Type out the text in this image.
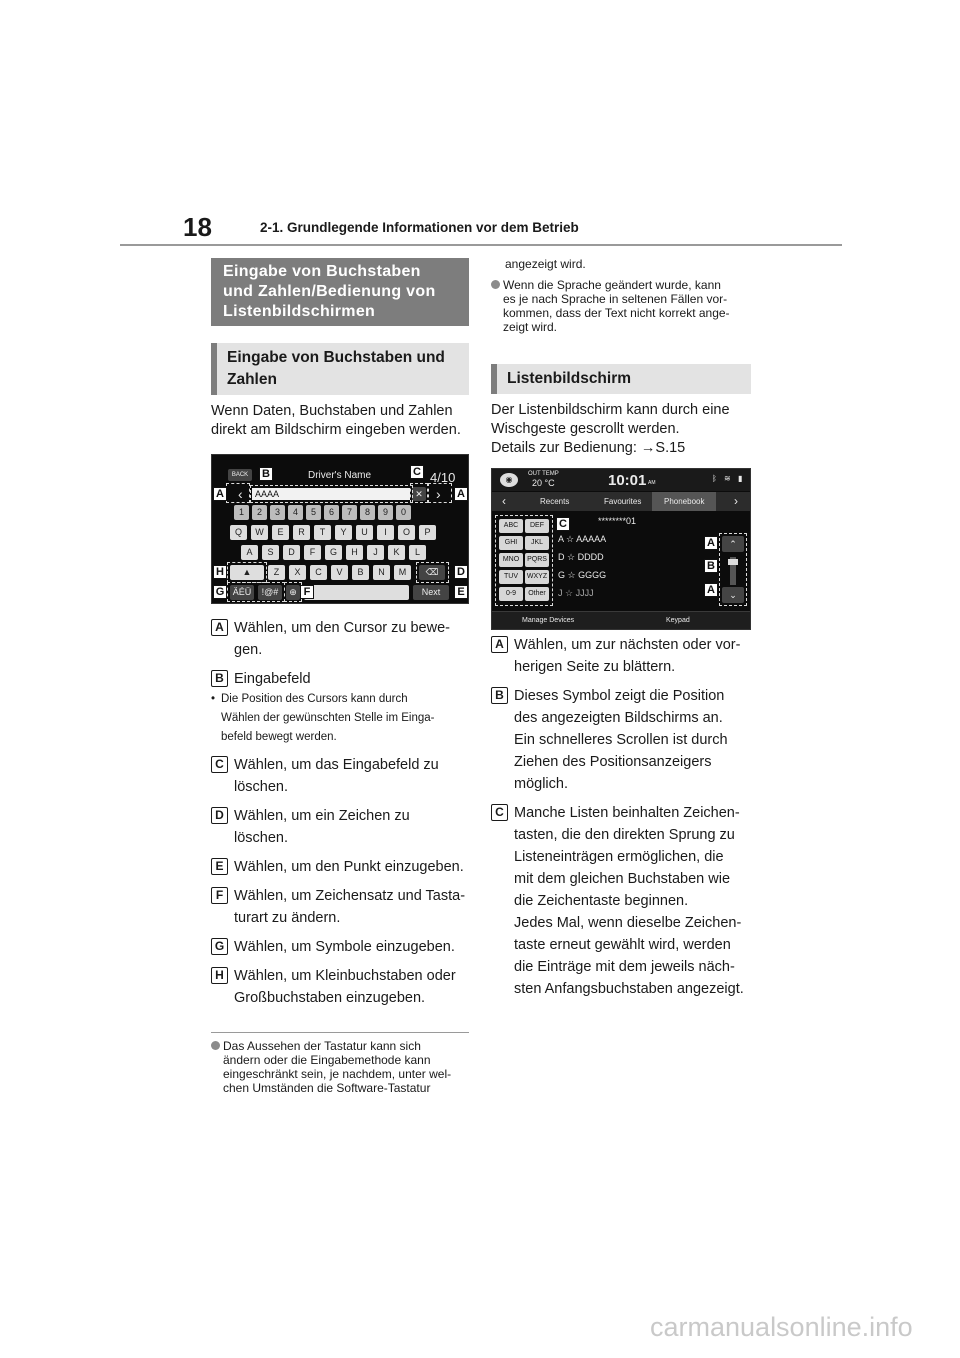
18	2-1. Grundlegende Informationen vor dem Betrieb
Eingabe von Buchstaben
und Zahlen/Bedienung von
Listenbildschirmen
Eingabe von Buchstaben und
Zahlen
Wenn Daten, Buchstaben und Zahlen
direkt am Bildschirm eingeben werden.
BACK	Driver's Name	4/10
‹ AAAA	✕ ›
1	2	3	4	5	6	7	8	9	0
Q	W	E	R	T	Y	U	I	O	P
A	S	D	F	G	H	J	K	L
▲	Z	X	C	V	B	N	M	⌫
ÄÉÜ	!@#	⊕	Next
B	C
A	A
H	D
G	F	E
A Wählen, um den Cursor zu bewe-
gen.
B Eingabefeld
• Die Position des Cursors kann durch
Wählen der gewünschten Stelle im Einga-
befeld bewegt werden.
C Wählen, um das Eingabefeld zu
löschen.
D Wählen, um ein Zeichen zu
löschen.
E Wählen, um den Punkt einzugeben.
F Wählen, um Zeichensatz und Tasta-
turart zu ändern.
G Wählen, um Symbole einzugeben.
H Wählen, um Kleinbuchstaben oder
Großbuchstaben einzugeben.
Das Aussehen der Tastatur kann sich
ändern oder die Eingabemethode kann
eingeschränkt sein, je nachdem, unter wel-
chen Umständen die Software-Tastatur
angezeigt wird.
Wenn die Sprache geändert wurde, kann
es je nach Sprache in seltenen Fällen vor-
kommen, dass der Text nicht korrekt ange-
zeigt wird.
Listenbildschirm
Der Listenbildschirm kann durch eine
Wischgeste gescrollt werden.
Details zur Bedienung: →S.15
◉
OUT TEMP
20 °C	10:01 AM	≋
ᛒ	▮
‹	Recents	Favourites	Phonebook ›
ABC	DEF
GHI	JKL
MNO	PQRS
TUV	WXYZ
0-9	Other
********01
A ☆ AAAAA
D ☆ DDDD
G ☆ GGGG
J ☆ JJJJ
⌃
⌄
Manage Devices	Keypad
C
A
B
A
A Wählen, um zur nächsten oder vor-
herigen Seite zu blättern.
B Dieses Symbol zeigt die Position
des angezeigten Bildschirms an.
Ein schnelleres Scrollen ist durch
Ziehen des Positionsanzeigers
möglich.
C Manche Listen beinhalten Zeichen-
tasten, die den direkten Sprung zu
Listeneinträgen ermöglichen, die
mit dem gleichen Buchstaben wie
die Zeichentaste beginnen.
Jedes Mal, wenn dieselbe Zeichen-
taste erneut gewählt wird, werden
die Einträge mit dem jeweils näch-
sten Anfangsbuchstaben angezeigt.
carmanualsonline.info
